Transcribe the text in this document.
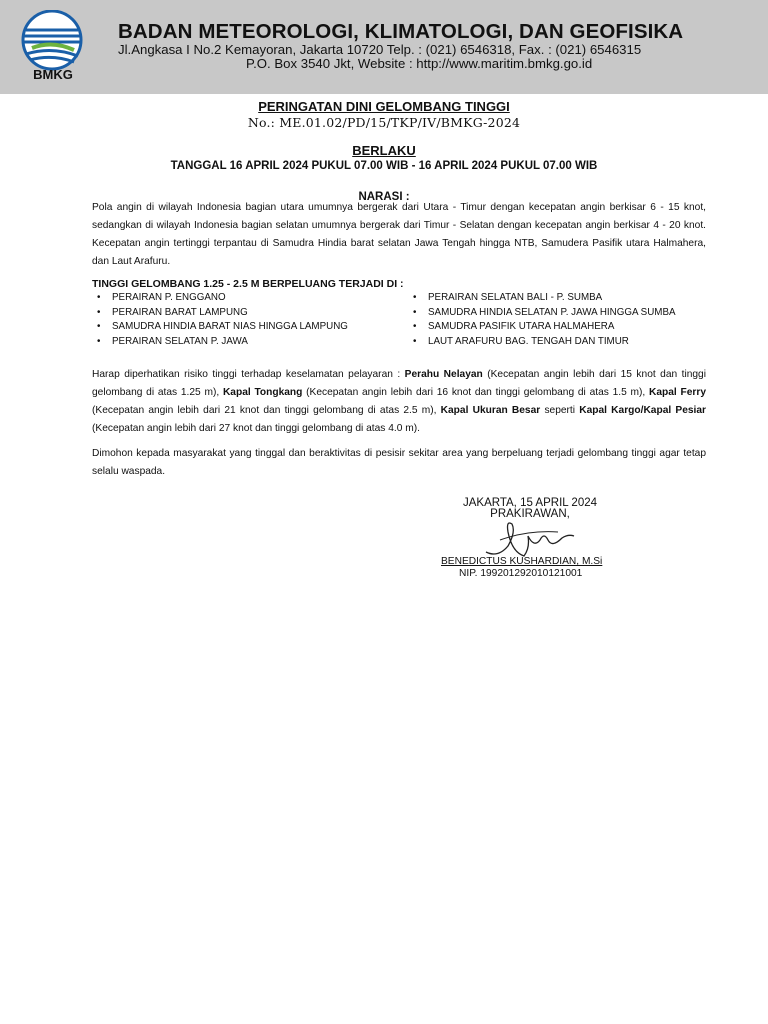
BMKG
BADAN METEOROLOGI, KLIMATOLOGI, DAN GEOFISIKA
Jl.Angkasa I No.2 Kemayoran, Jakarta 10720 Telp. : (021) 6546318, Fax. : (021) 6546315
P.O. Box 3540 Jkt, Website : http://www.maritim.bmkg.go.id
PERINGATAN DINI GELOMBANG TINGGI
No.: ME.01.02/PD/15/TKP/IV/BMKG-2024
BERLAKU
TANGGAL 16 APRIL 2024 PUKUL 07.00 WIB - 16 APRIL 2024 PUKUL 07.00 WIB
NARASI :
Pola angin di wilayah Indonesia bagian utara umumnya bergerak dari Utara - Timur dengan kecepatan angin berkisar 6 - 15 knot, sedangkan di wilayah Indonesia bagian selatan umumnya bergerak dari Timur - Selatan dengan kecepatan angin berkisar 4 - 20 knot. Kecepatan angin tertinggi terpantau di Samudra Hindia barat selatan Jawa Tengah hingga NTB, Samudera Pasifik utara Halmahera, dan Laut Arafuru.
TINGGI GELOMBANG 1.25 - 2.5 M BERPELUANG TERJADI DI :
• PERAIRAN P. ENGGANO
• PERAIRAN BARAT LAMPUNG
• SAMUDRA HINDIA BARAT NIAS HINGGA LAMPUNG
• PERAIRAN SELATAN P. JAWA
• PERAIRAN SELATAN BALI - P. SUMBA
• SAMUDRA HINDIA SELATAN P. JAWA HINGGA SUMBA
• SAMUDRA PASIFIK UTARA HALMAHERA
• LAUT ARAFURU BAG. TENGAH DAN TIMUR
Harap diperhatikan risiko tinggi terhadap keselamatan pelayaran : Perahu Nelayan (Kecepatan angin lebih dari 15 knot dan tinggi gelombang di atas 1.25 m), Kapal Tongkang (Kecepatan angin lebih dari 16 knot dan tinggi gelombang di atas 1.5 m), Kapal Ferry (Kecepatan angin lebih dari 21 knot dan tinggi gelombang di atas 2.5 m), Kapal Ukuran Besar seperti Kapal Kargo/Kapal Pesiar (Kecepatan angin lebih dari 27 knot dan tinggi gelombang di atas 4.0 m).
Dimohon kepada masyarakat yang tinggal dan beraktivitas di pesisir sekitar area yang berpeluang terjadi gelombang tinggi agar tetap selalu waspada.
JAKARTA, 15 APRIL 2024
PRAKIRAWAN,
BENEDICTUS KUSHARDIAN, M.Si
NIP. 199201292010121001
